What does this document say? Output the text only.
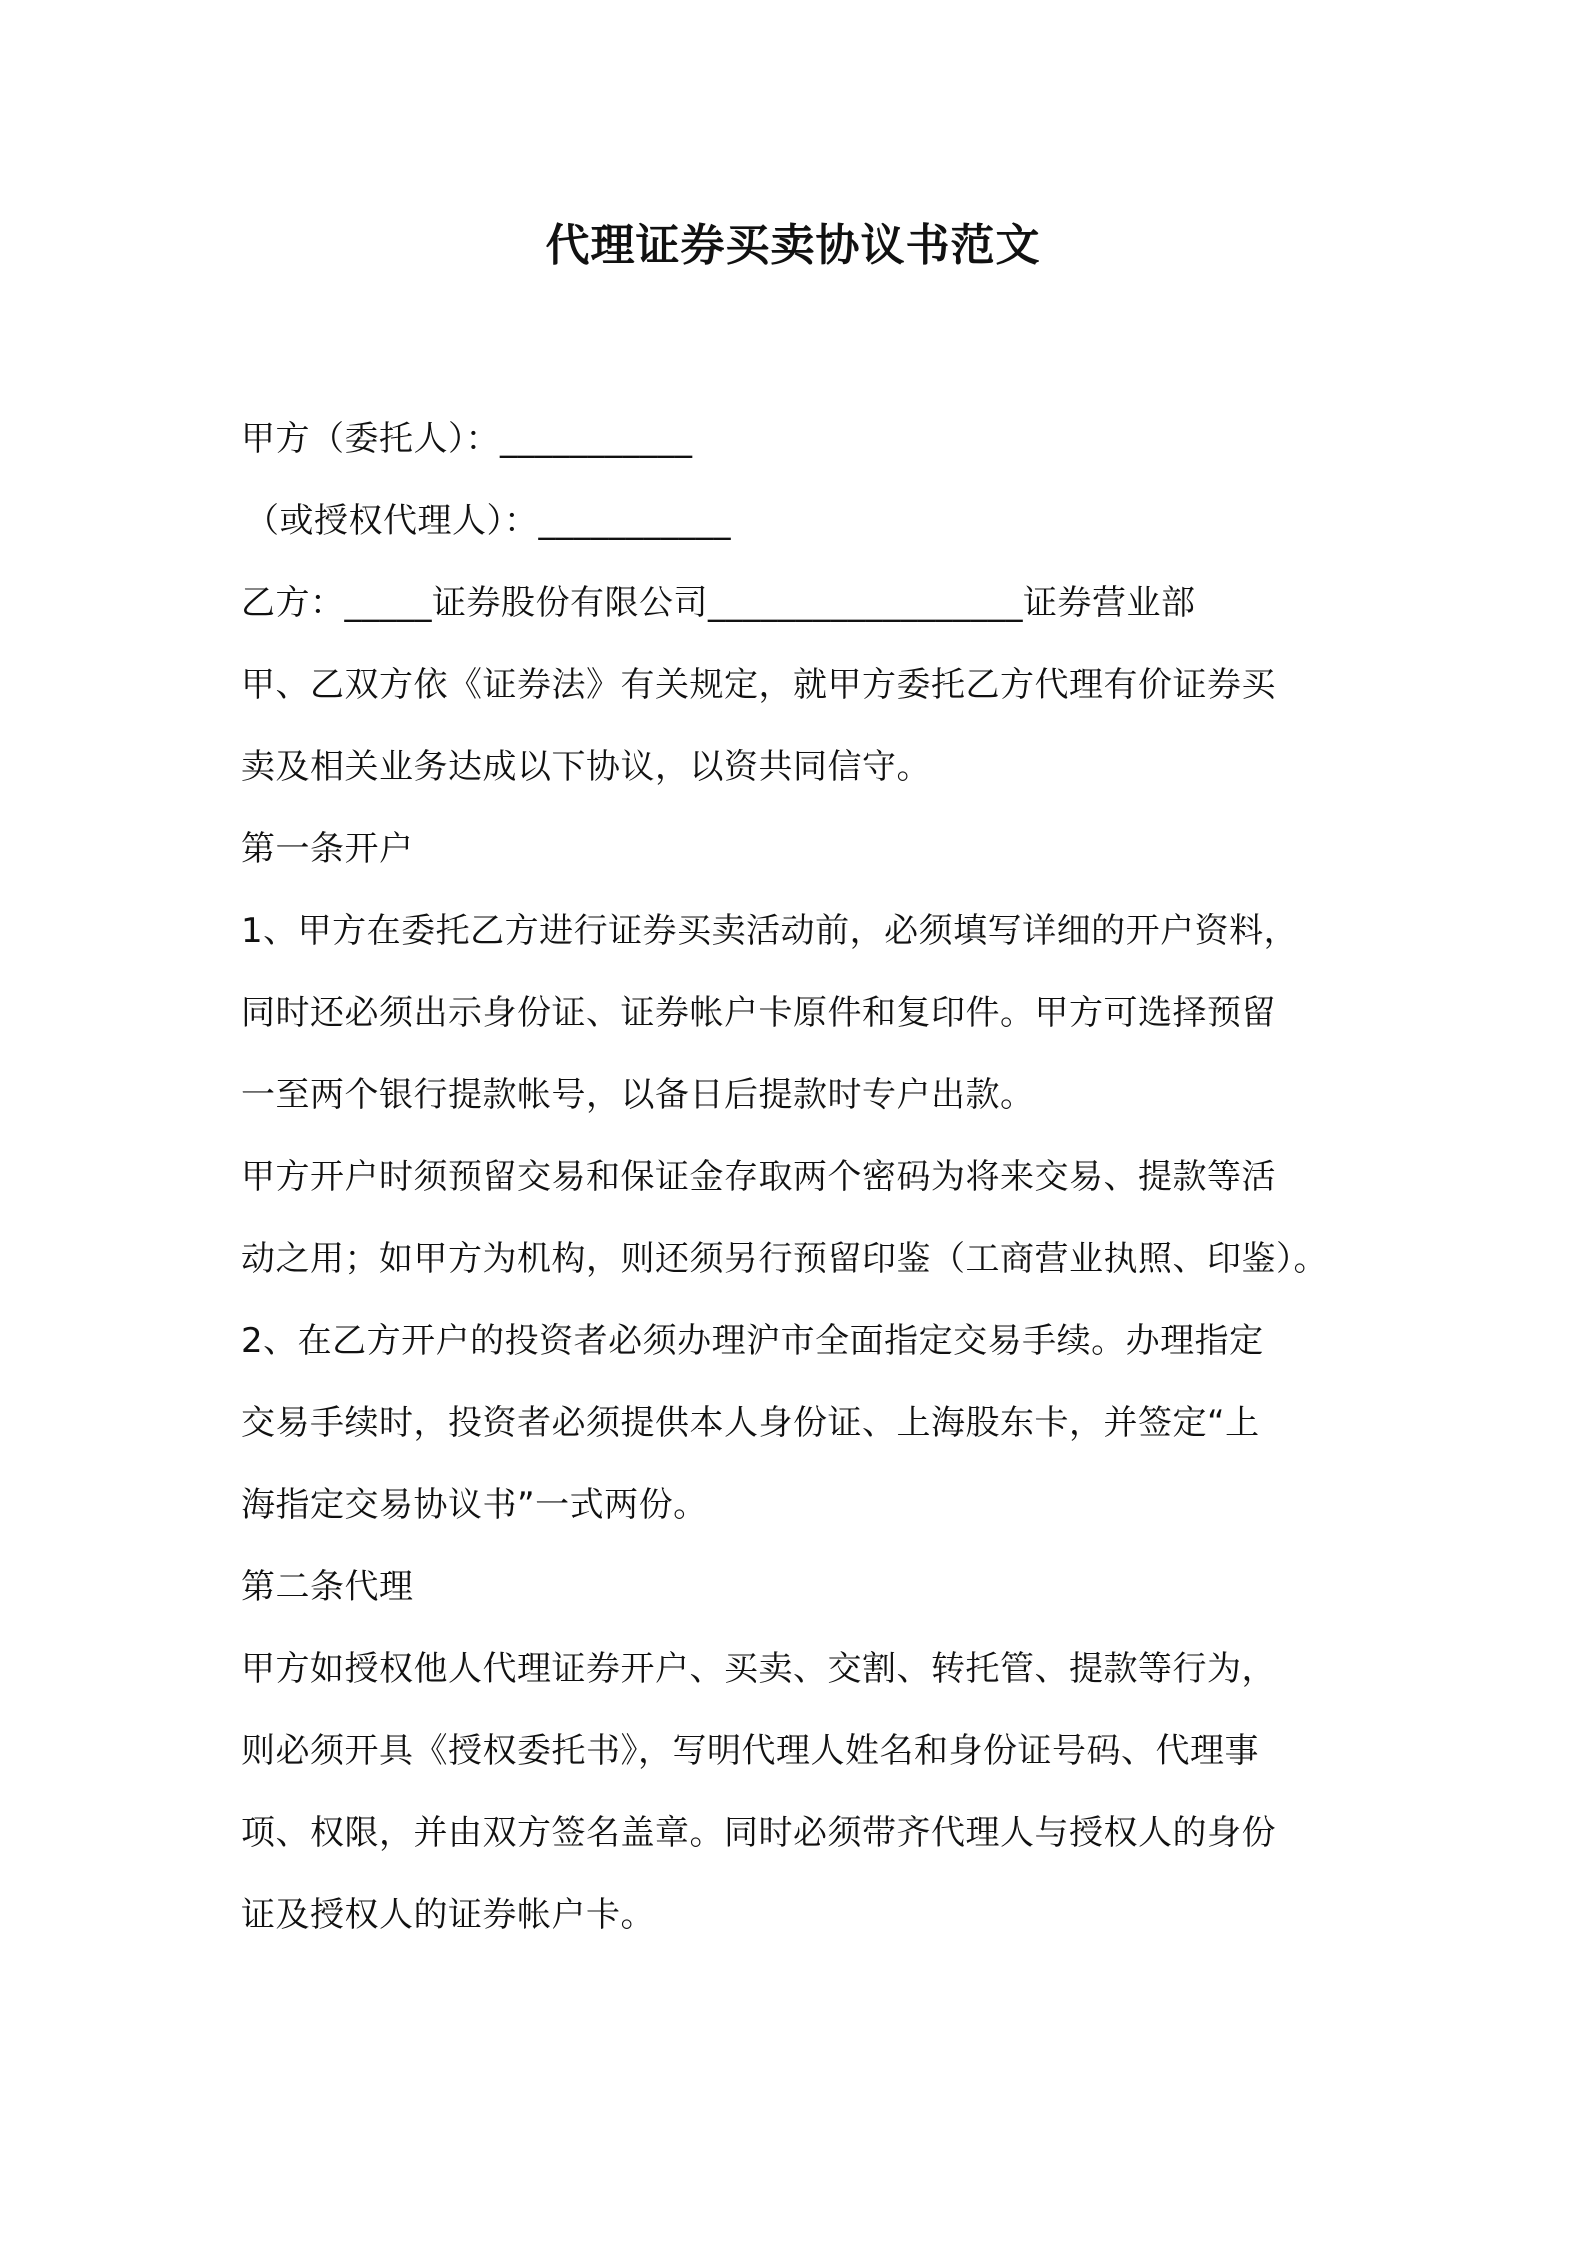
代理证券买卖协议书范文

甲方（委托人）：___________

（或授权代理人）：___________

乙方：_____证券股份有限公司__________________证券营业部

甲、乙双方依《证券法》有关规定，就甲方委托乙方代理有价证券买

卖及相关业务达成以下协议，以资共同信守。

第一条开户

1、甲方在委托乙方进行证券买卖活动前，必须填写详细的开户资料，

同时还必须出示身份证、证券帐户卡原件和复印件。甲方可选择预留

一至两个银行提款帐号，以备日后提款时专户出款。

甲方开户时须预留交易和保证金存取两个密码为将来交易、提款等活

动之用；如甲方为机构，则还须另行预留印鉴（工商营业执照、印鉴）。

2、在乙方开户的投资者必须办理沪市全面指定交易手续。办理指定

交易手续时，投资者必须提供本人身份证、上海股东卡，并签定“上

海指定交易协议书”一式两份。

第二条代理

甲方如授权他人代理证券开户、买卖、交割、转托管、提款等行为，

则必须开具《授权委托书》，写明代理人姓名和身份证号码、代理事

项、权限，并由双方签名盖章。同时必须带齐代理人与授权人的身份

证及授权人的证券帐户卡。
